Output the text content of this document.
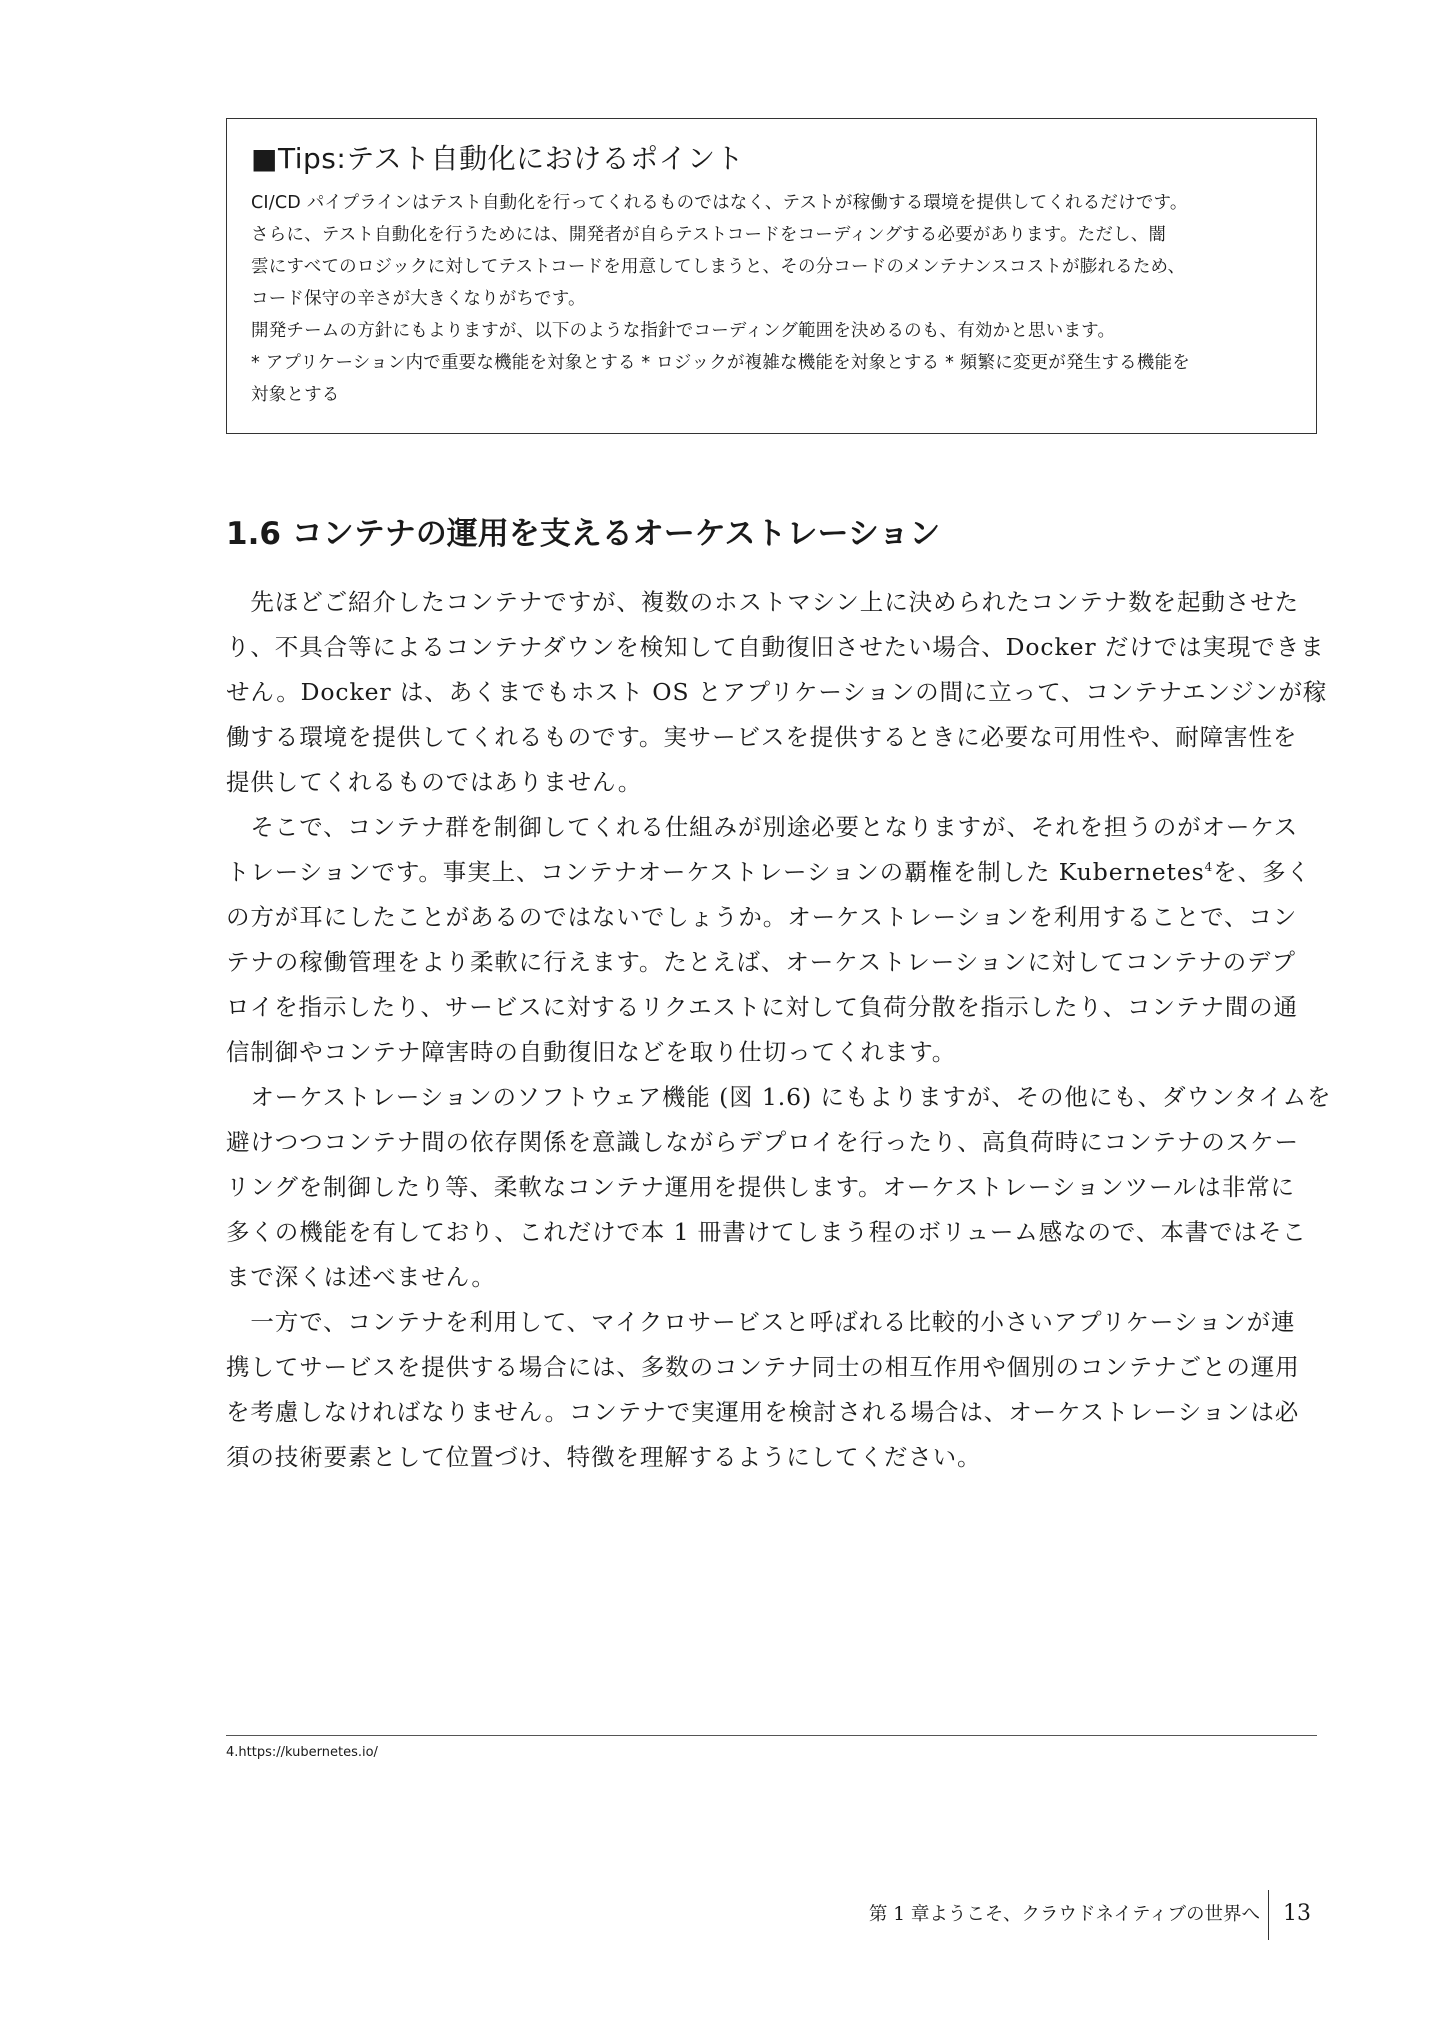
■Tips:テスト自動化におけるポイント

CI/CD パイプラインはテスト自動化を行ってくれるものではなく、テストが稼働する環境を提供してくれるだけです。

さらに、テスト自動化を行うためには、開発者が自らテストコードをコーディングする必要があります。ただし、闇

雲にすべてのロジックに対してテストコードを用意してしまうと、その分コードのメンテナンスコストが膨れるため、

コード保守の辛さが大きくなりがちです。

開発チームの方針にもよりますが、以下のような指針でコーディング範囲を決めるのも、有効かと思います。

* アプリケーション内で重要な機能を対象とする * ロジックが複雑な機能を対象とする * 頻繁に変更が発生する機能を

対象とする

1.6 コンテナの運用を支えるオーケストレーション

　先ほどご紹介したコンテナですが、複数のホストマシン上に決められたコンテナ数を起動させた

り、不具合等によるコンテナダウンを検知して自動復旧させたい場合、Docker だけでは実現できま

せん。Docker は、あくまでもホスト OS とアプリケーションの間に立って、コンテナエンジンが稼

働する環境を提供してくれるものです。実サービスを提供するときに必要な可用性や、耐障害性を

提供してくれるものではありません。

　そこで、コンテナ群を制御してくれる仕組みが別途必要となりますが、それを担うのがオーケス

トレーションです。事実上、コンテナオーケストレーションの覇権を制した Kubernetes$^4$を、多く

の方が耳にしたことがあるのではないでしょうか。オーケストレーションを利用することで、コン

テナの稼働管理をより柔軟に行えます。たとえば、オーケストレーションに対してコンテナのデプ

ロイを指示したり、サービスに対するリクエストに対して負荷分散を指示したり、コンテナ間の通

信制御やコンテナ障害時の自動復旧などを取り仕切ってくれます。

　オーケストレーションのソフトウェア機能 (図 1.6) にもよりますが、その他にも、ダウンタイムを

避けつつコンテナ間の依存関係を意識しながらデプロイを行ったり、高負荷時にコンテナのスケー

リングを制御したり等、柔軟なコンテナ運用を提供します。オーケストレーションツールは非常に

多くの機能を有しており、これだけで本 1 冊書けてしまう程のボリューム感なので、本書ではそこ

まで深くは述べません。

　一方で、コンテナを利用して、マイクロサービスと呼ばれる比較的小さいアプリケーションが連

携してサービスを提供する場合には、多数のコンテナ同士の相互作用や個別のコンテナごとの運用

を考慮しなければなりません。コンテナで実運用を検討される場合は、オーケストレーションは必

須の技術要素として位置づけ、特徴を理解するようにしてください。

4.https://kubernetes.io/

第 1 章ようこそ、クラウドネイティブの世界へ 13
